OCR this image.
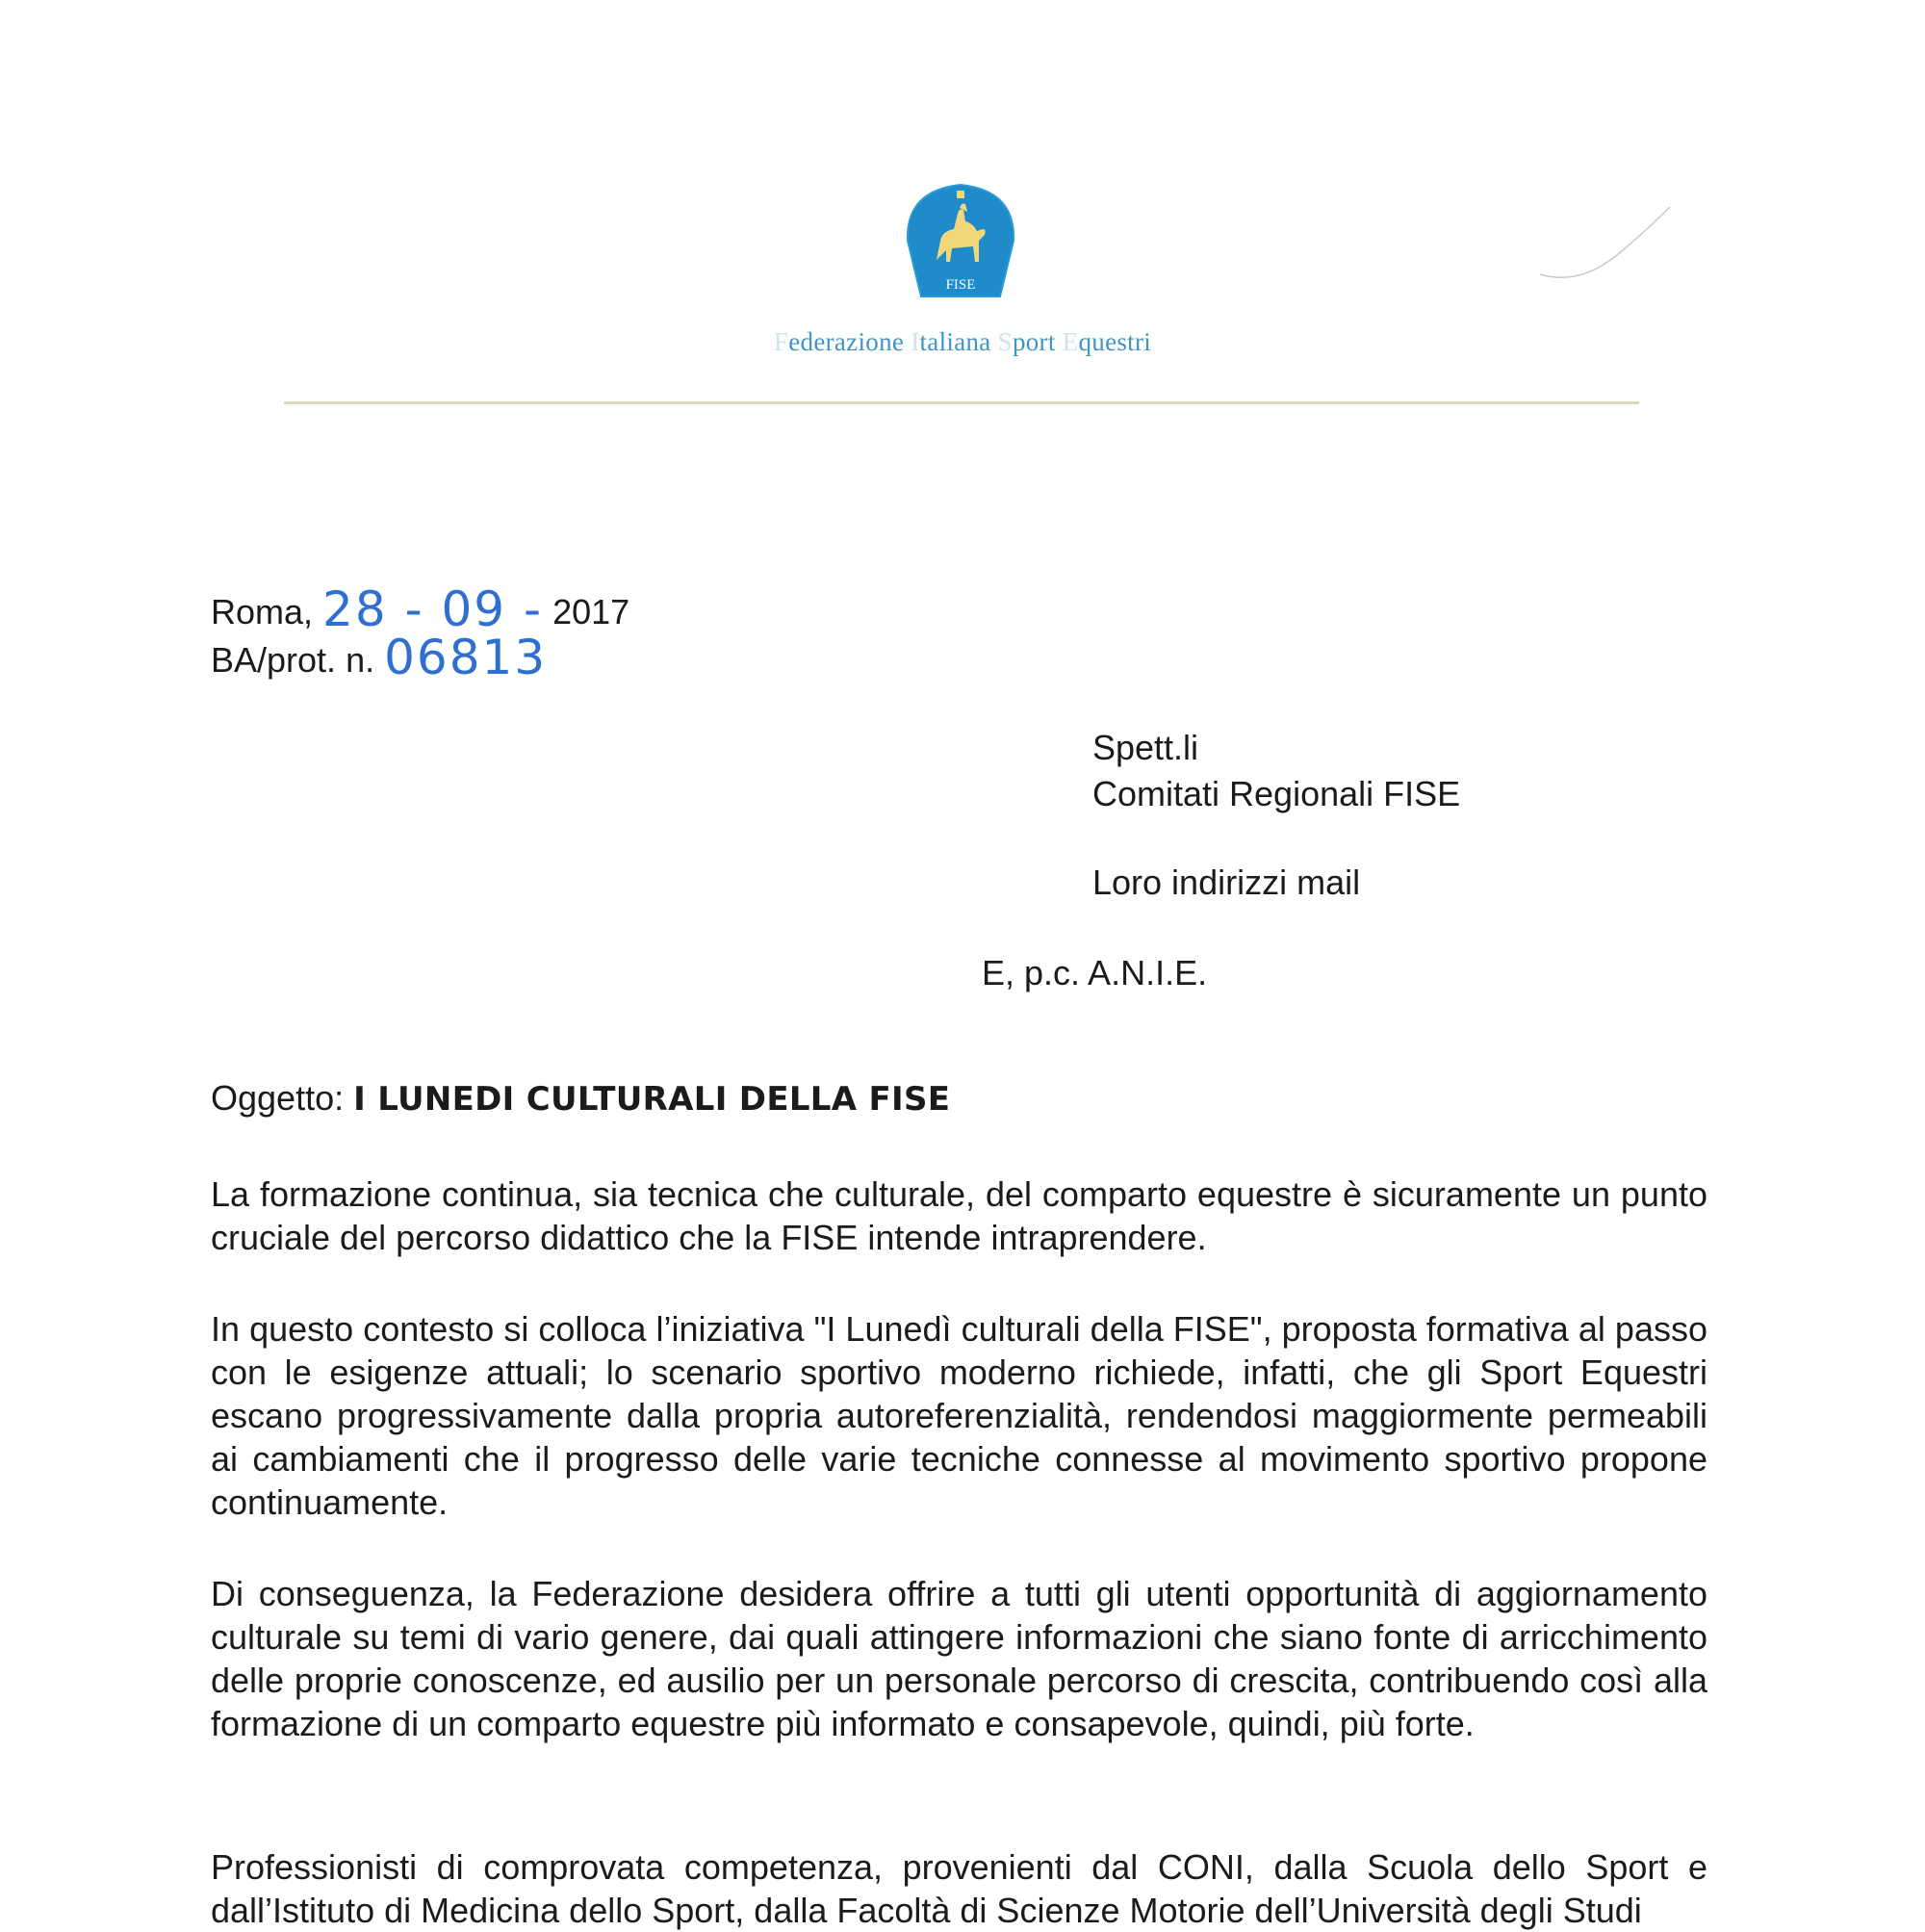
FISE
Federazione Italiana Sport Equestri
Roma, 28 - 09 - 2017
BA/prot. n. 06813
Spett.li
Comitati Regionali FISE
Loro indirizzi mail
E, p.c. A.N.I.E.
Oggetto: I LUNEDI CULTURALI DELLA FISE

La formazione continua, sia tecnica che culturale, del comparto equestre è sicuramente un punto cruciale del percorso didattico che la FISE intende intraprendere.

In questo contesto si colloca l’iniziativa "I Lunedì culturali della FISE", proposta formativa al passo con le esigenze attuali; lo scenario sportivo moderno richiede, infatti, che gli Sport Equestri escano progressivamente dalla propria autoreferenzialità, rendendosi maggiormente permeabili ai cambiamenti che il progresso delle varie tecniche connesse al movimento sportivo propone continuamente.

Di conseguenza, la Federazione desidera offrire a tutti gli utenti opportunità di aggiornamento culturale su temi di vario genere, dai quali attingere informazioni che siano fonte di arricchimento delle proprie conoscenze, ed ausilio per un personale percorso di crescita, contribuendo così alla formazione di un comparto equestre più informato e consapevole, quindi, più forte.

Professionisti di comprovata competenza, provenienti dal CONI, dalla Scuola dello Sport e dall’Istituto di Medicina dello Sport, dalla Facoltà di Scienze Motorie dell’Università degli Studi
